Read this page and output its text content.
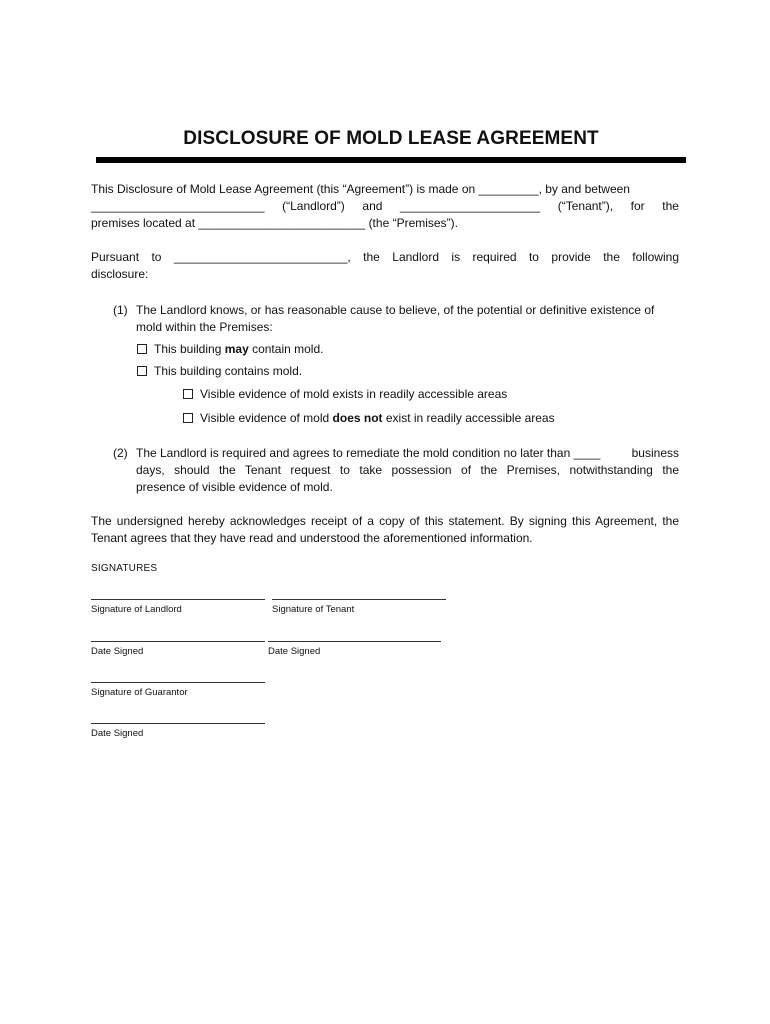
DISCLOSURE OF MOLD LEASE AGREEMENT
This Disclosure of Mold Lease Agreement (this “Agreement”) is made on _________, by and between
__________________________ (“Landlord”) and _____________________ (“Tenant”), for the
premises located at _________________________ (the “Premises”).
Pursuant to __________________________, the Landlord is required to provide the following
disclosure:
(1) The Landlord knows, or has reasonable cause to believe, of the potential or definitive existence of
mold within the Premises:
This building may contain mold.
This building contains mold.
Visible evidence of mold exists in readily accessible areas
Visible evidence of mold does not exist in readily accessible areas
(2) The Landlord is required and agrees to remediate the mold condition no later than ____	business
days, should the Tenant request to take possession of the Premises, notwithstanding the
presence of visible evidence of mold.
The undersigned hereby acknowledges receipt of a copy of this statement. By signing this Agreement, the
Tenant agrees that they have read and understood the aforementioned information.
SIGNATURES
Signature of Landlord	Signature of Tenant
Date Signed	Date Signed
Signature of Guarantor
Date Signed
